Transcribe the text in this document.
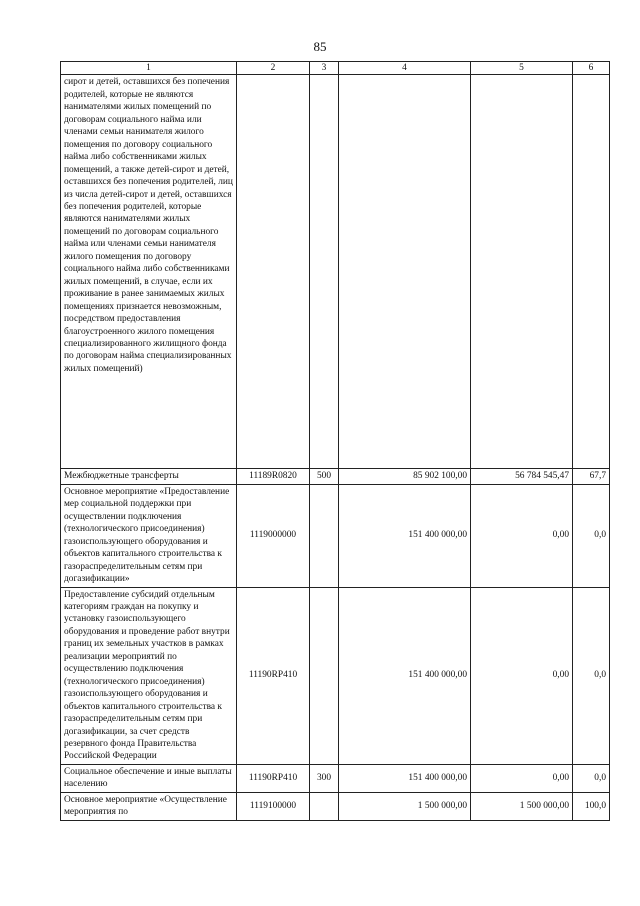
85
1	2	3	4	5	6
сирот и детей, оставшихся без попечения родителей, которые не являются нанимателями жилых помещений по договорам социального найма или членами семьи нанимателя жилого помещения по договору социального найма либо собственниками жилых помещений, а также детей-сирот и детей, оставшихся без попечения родителей, лиц из числа детей-сирот и детей, оставшихся без попечения родителей, которые являются нанимателями жилых помещений по договорам социального найма или членами семьи нанимателя жилого помещения по договору социального найма либо собственниками жилых помещений, в случае, если их проживание в ранее занимаемых жилых помещениях признается невозможным, посредством предоставления благоустроенного жилого помещения специализированного жилищного фонда по договорам найма специализированных жилых помещений)					
Межбюджетные трансферты	11189R0820	500	85 902 100,00	56 784 545,47	67,7
Основное мероприятие «Предоставление мер социальной поддержки при осуществлении подключения (технологического присоединения) газоиспользующего оборудования и объектов капитального строительства к газораспределительным сетям при догазификации»	1119000000		151 400 000,00	0,00	0,0
Предоставление субсидий отдельным категориям граждан на покупку и установку газоиспользующего оборудования и проведение работ внутри границ их земельных участков в рамках реализации мероприятий по осуществлению подключения (технологического присоединения) газоиспользующего оборудования и объектов капитального строительства к газораспределительным сетям при догазификации, за счет средств резервного фонда Правительства Российской Федерации	11190RP410		151 400 000,00	0,00	0,0
Социальное обеспечение и иные выплаты населению	11190RP410	300	151 400 000,00	0,00	0,0
Основное мероприятие «Осуществление мероприятия по	1119100000		1 500 000,00	1 500 000,00	100,0
